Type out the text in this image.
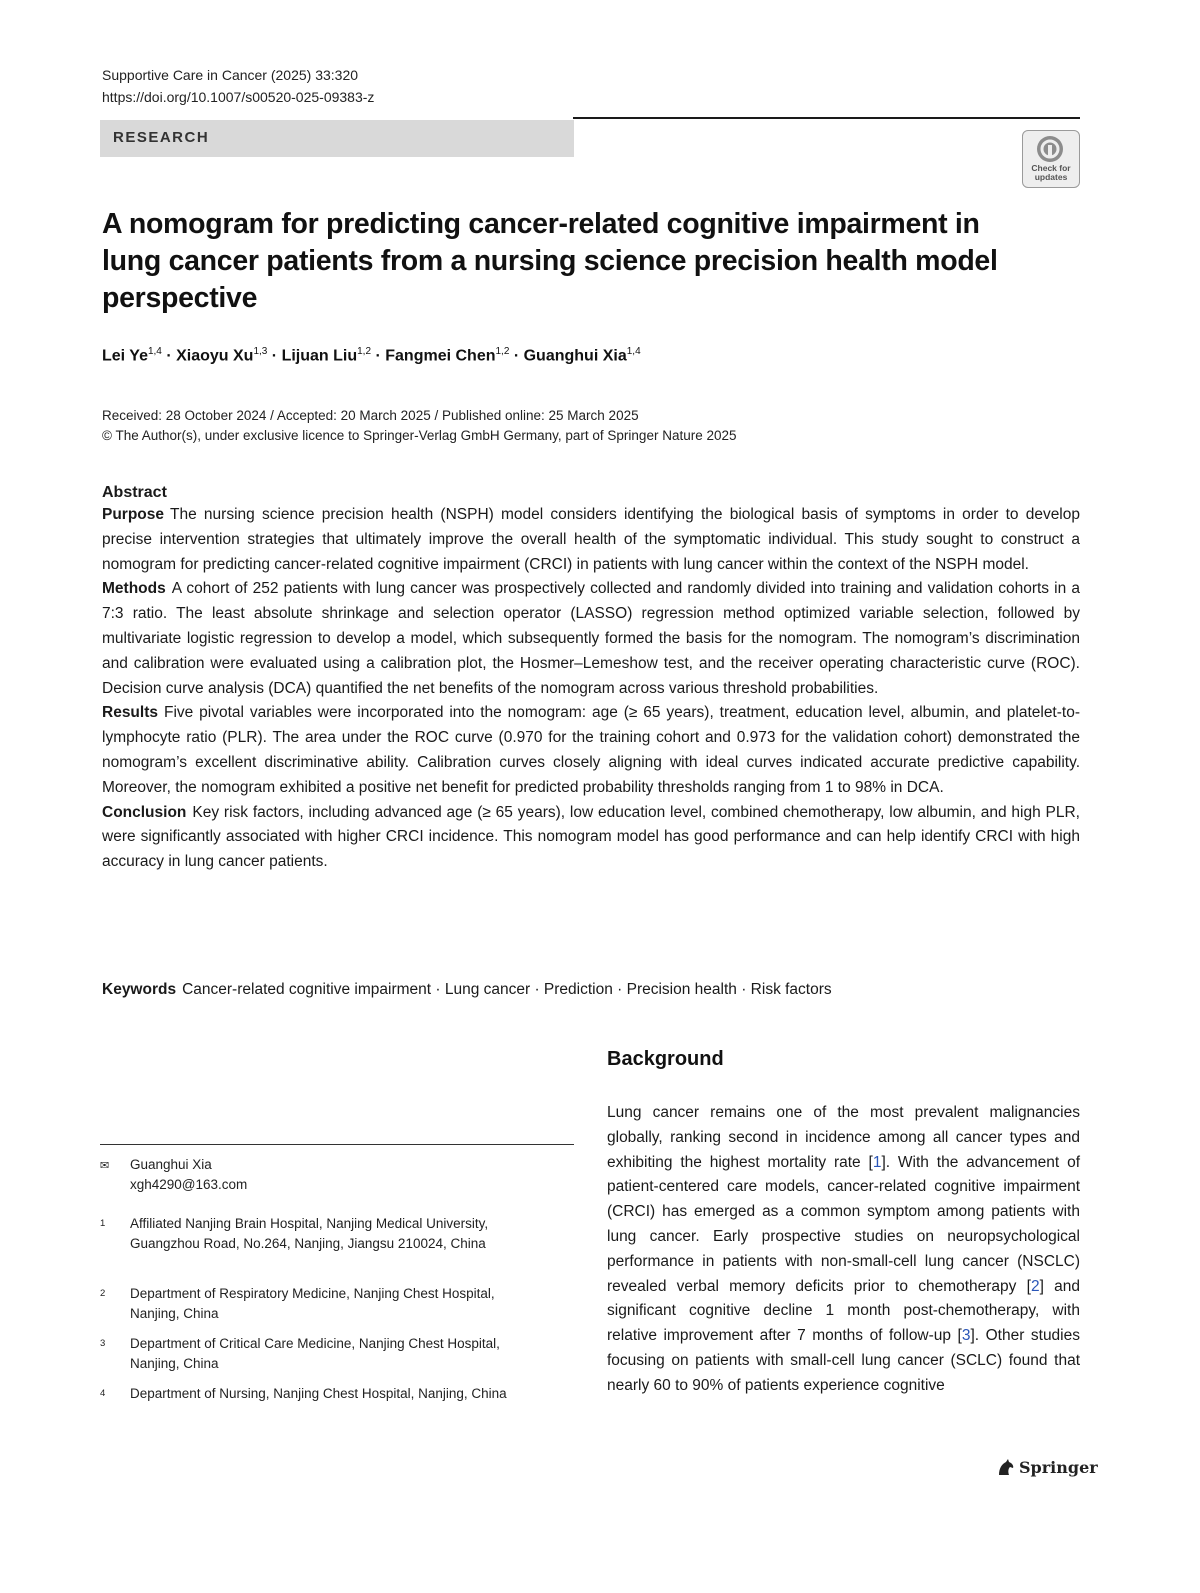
Supportive Care in Cancer (2025) 33:320
https://doi.org/10.1007/s00520-025-09383-z
RESEARCH
Check for
updates
A nomogram for predicting cancer-related cognitive impairment in lung cancer patients from a nursing science precision health model perspective
Lei Ye$^{1,4}$ · Xiaoyu Xu$^{1,3}$ · Lijuan Liu$^{1,2}$ · Fangmei Chen$^{1,2}$ · Guanghui Xia$^{1,4}$
Received: 28 October 2024 / Accepted: 20 March 2025 / Published online: 25 March 2025
© The Author(s), under exclusive licence to Springer-Verlag GmbH Germany, part of Springer Nature 2025
Abstract

Purpose The nursing science precision health (NSPH) model considers identifying the biological basis of symptoms in order to develop precise intervention strategies that ultimately improve the overall health of the symptomatic individual. This study sought to construct a nomogram for predicting cancer-related cognitive impairment (CRCI) in patients with lung cancer within the context of the NSPH model.

Methods A cohort of 252 patients with lung cancer was prospectively collected and randomly divided into training and validation cohorts in a 7:3 ratio. The least absolute shrinkage and selection operator (LASSO) regression method optimized variable selection, followed by multivariate logistic regression to develop a model, which subsequently formed the basis for the nomogram. The nomogram’s discrimination and calibration were evaluated using a calibration plot, the Hosmer–Lemeshow test, and the receiver operating characteristic curve (ROC). Decision curve analysis (DCA) quantified the net benefits of the nomogram across various threshold probabilities.

Results Five pivotal variables were incorporated into the nomogram: age (≥ 65 years), treatment, education level, albumin, and platelet-to-lymphocyte ratio (PLR). The area under the ROC curve (0.970 for the training cohort and 0.973 for the validation cohort) demonstrated the nomogram’s excellent discriminative ability. Calibration curves closely aligning with ideal curves indicated accurate predictive capability. Moreover, the nomogram exhibited a positive net benefit for predicted probability thresholds ranging from 1 to 98% in DCA.

Conclusion Key risk factors, including advanced age (≥ 65 years), low education level, combined chemotherapy, low albumin, and high PLR, were significantly associated with higher CRCI incidence. This nomogram model has good performance and can help identify CRCI with high accuracy in lung cancer patients.

Keywords Cancer-related cognitive impairment · Lung cancer · Prediction · Precision health · Risk factors
✉	Guanghui Xia
xgh4290@163.com
1	Affiliated Nanjing Brain Hospital, Nanjing Medical University, Guangzhou Road, No.264, Nanjing, Jiangsu 210024, China
2	Department of Respiratory Medicine, Nanjing Chest Hospital, Nanjing, China
3	Department of Critical Care Medicine, Nanjing Chest Hospital, Nanjing, China
4	Department of Nursing, Nanjing Chest Hospital, Nanjing, China
Background
Lung cancer remains one of the most prevalent malignancies globally, ranking second in incidence among all cancer types and exhibiting the highest mortality rate [1]. With the advancement of patient-centered care models, cancer-related cognitive impairment (CRCI) has emerged as a common symptom among patients with lung cancer. Early prospective studies on neuropsychological performance in patients with non-small-cell lung cancer (NSCLC) revealed verbal memory deficits prior to chemotherapy [2] and significant cognitive decline 1 month post-chemotherapy, with relative improvement after 7 months of follow-up [3]. Other studies focusing on patients with small-cell lung cancer (SCLC) found that nearly 60 to 90% of patients experience cognitive
Springer
